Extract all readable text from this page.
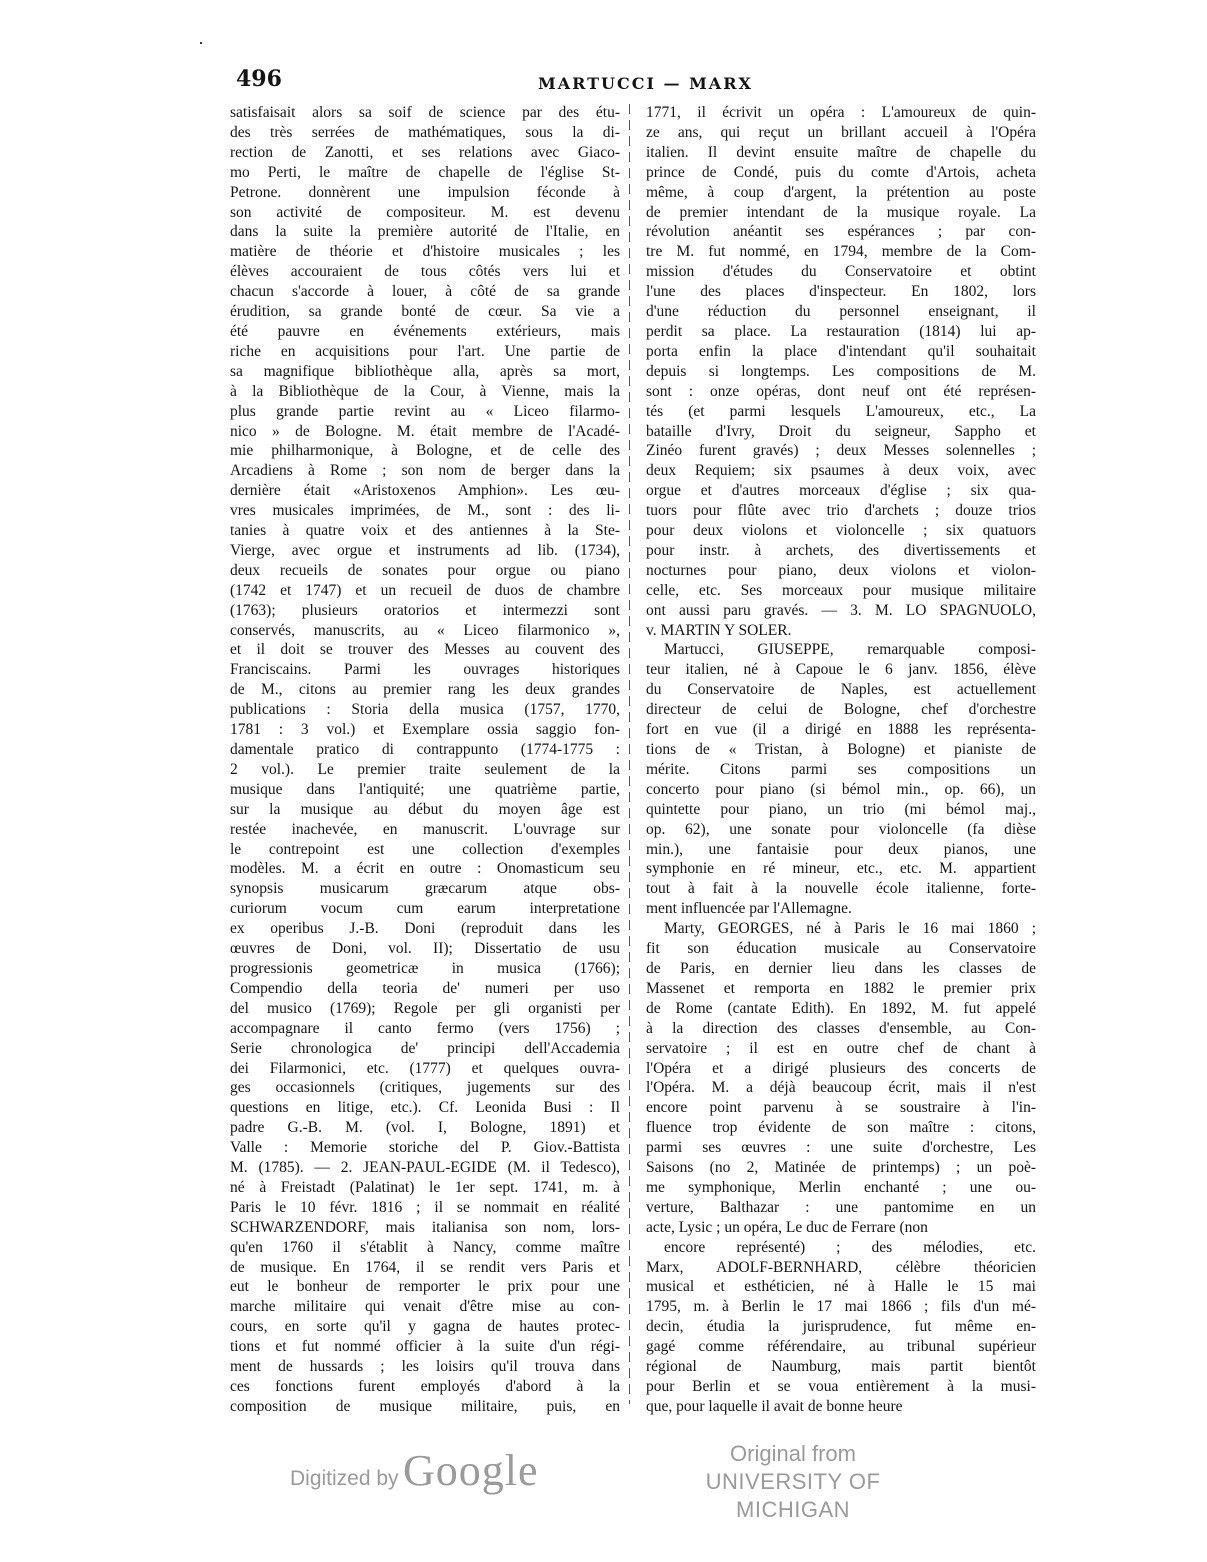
496	MARTUCCI — MARX
satisfaisait alors sa soif de science par des étu-
des très serrées de mathématiques, sous la di-
rection de Zanotti, et ses relations avec Giaco-
mo Perti, le maître de chapelle de l'église St-
Petrone. donnèrent une impulsion féconde à
son activité de compositeur. M. est devenu
dans la suite la première autorité de l'Italie, en
matière de théorie et d'histoire musicales ; les
élèves accouraient de tous côtés vers lui et
chacun s'accorde à louer, à côté de sa grande
érudition, sa grande bonté de cœur. Sa vie a
été pauvre en événements extérieurs, mais
riche en acquisitions pour l'art. Une partie de
sa magnifique bibliothèque alla, après sa mort,
à la Bibliothèque de la Cour, à Vienne, mais la
plus grande partie revint au « Liceo filarmo-
nico » de Bologne. M. était membre de l'Acadé-
mie philharmonique, à Bologne, et de celle des
Arcadiens à Rome ; son nom de berger dans la
dernière était «Aristoxenos Amphion». Les œu-
vres musicales imprimées, de M., sont : des li-
tanies à quatre voix et des antiennes à la Ste-
Vierge, avec orgue et instruments ad lib. (1734),
deux recueils de sonates pour orgue ou piano
(1742 et 1747) et un recueil de duos de chambre
(1763); plusieurs oratorios et intermezzi sont
conservés, manuscrits, au « Liceo filarmonico »,
et il doit se trouver des Messes au couvent des
Franciscains. Parmi les ouvrages historiques
de M., citons au premier rang les deux grandes
publications : Storia della musica (1757, 1770,
1781 : 3 vol.) et Exemplare ossia saggio fon-
damentale pratico di contrappunto (1774-1775 :
2 vol.). Le premier traite seulement de la
musique dans l'antiquité; une quatrième partie,
sur la musique au début du moyen âge est
restée inachevée, en manuscrit. L'ouvrage sur
le contrepoint est une collection d'exemples
modèles. M. a écrit en outre : Onomasticum seu
synopsis musicarum græcarum atque obs-
curiorum vocum cum earum interpretatione
ex operibus J.-B. Doni (reproduit dans les
œuvres de Doni, vol. II); Dissertatio de usu
progressionis geometricæ in musica (1766);
Compendio della teoria de' numeri per uso
del musico (1769); Regole per gli organisti per
accompagnare il canto fermo (vers 1756) ;
Serie chronologica de' principi dell'Accademia
dei Filarmonici, etc. (1777) et quelques ouvra-
ges occasionnels (critiques, jugements sur des
questions en litige, etc.). Cf. Leonida Busi : Il
padre G.-B. M. (vol. I, Bologne, 1891) et
Valle : Memorie storiche del P. Giov.-Battista
M. (1785). — 2. JEAN-PAUL-EGIDE (M. il Tedesco),
né à Freistadt (Palatinat) le 1er sept. 1741, m. à
Paris le 10 févr. 1816 ; il se nommait en réalité
SCHWARZENDORF, mais italianisa son nom, lors-
qu'en 1760 il s'établit à Nancy, comme maître
de musique. En 1764, il se rendit vers Paris et
eut le bonheur de remporter le prix pour une
marche militaire qui venait d'être mise au con-
cours, en sorte qu'il y gagna de hautes protec-
tions et fut nommé officier à la suite d'un régi-
ment de hussards ; les loisirs qu'il trouva dans
ces fonctions furent employés d'abord à la
composition de musique militaire, puis, en
1771, il écrivit un opéra : L'amoureux de quin-
ze ans, qui reçut un brillant accueil à l'Opéra
italien. Il devint ensuite maître de chapelle du
prince de Condé, puis du comte d'Artois, acheta
même, à coup d'argent, la prétention au poste
de premier intendant de la musique royale. La
révolution anéantit ses espérances ; par con-
tre M. fut nommé, en 1794, membre de la Com-
mission d'études du Conservatoire et obtint
l'une des places d'inspecteur. En 1802, lors
d'une réduction du personnel enseignant, il
perdit sa place. La restauration (1814) lui ap-
porta enfin la place d'intendant qu'il souhaitait
depuis si longtemps. Les compositions de M.
sont : onze opéras, dont neuf ont été représen-
tés (et parmi lesquels L'amoureux, etc., La
bataille d'Ivry, Droit du seigneur, Sappho et
Zinéo furent gravés) ; deux Messes solennelles ;
deux Requiem; six psaumes à deux voix, avec
orgue et d'autres morceaux d'église ; six qua-
tuors pour flûte avec trio d'archets ; douze trios
pour deux violons et violoncelle ; six quatuors
pour instr. à archets, des divertissements et
nocturnes pour piano, deux violons et violon-
celle, etc. Ses morceaux pour musique militaire
ont aussi paru gravés. — 3. M. LO SPAGNUOLO,
v. MARTIN Y SOLER.
Martucci, GIUSEPPE, remarquable composi-
teur italien, né à Capoue le 6 janv. 1856, élève
du Conservatoire de Naples, est actuellement
directeur de celui de Bologne, chef d'orchestre
fort en vue (il a dirigé en 1888 les représenta-
tions de « Tristan, à Bologne) et pianiste de
mérite. Citons parmi ses compositions un
concerto pour piano (si bémol min., op. 66), un
quintette pour piano, un trio (mi bémol maj.,
op. 62), une sonate pour violoncelle (fa dièse
min.), une fantaisie pour deux pianos, une
symphonie en ré mineur, etc., etc. M. appartient
tout à fait à la nouvelle école italienne, forte-
ment influencée par l'Allemagne.
Marty, GEORGES, né à Paris le 16 mai 1860 ;
fit son éducation musicale au Conservatoire
de Paris, en dernier lieu dans les classes de
Massenet et remporta en 1882 le premier prix
de Rome (cantate Edith). En 1892, M. fut appelé
à la direction des classes d'ensemble, au Con-
servatoire ; il est en outre chef de chant à
l'Opéra et a dirigé plusieurs des concerts de
l'Opéra. M. a déjà beaucoup écrit, mais il n'est
encore point parvenu à se soustraire à l'in-
fluence trop évidente de son maître : citons,
parmi ses œuvres : une suite d'orchestre, Les
Saisons (no 2, Matinée de printemps) ; un poè-
me symphonique, Merlin enchanté ; une ou-
verture, Balthazar : une pantomime en un
acte, Lysic ; un opéra, Le duc de Ferrare (non
encore représenté) ; des mélodies, etc.
Marx, ADOLF-BERNHARD, célèbre théoricien
musical et esthéticien, né à Halle le 15 mai
1795, m. à Berlin le 17 mai 1866 ; fils d'un mé-
decin, étudia la jurisprudence, fut même en-
gagé comme référendaire, au tribunal supérieur
régional de Naumburg, mais partit bientôt
pour Berlin et se voua entièrement à la musi-
que, pour laquelle il avait de bonne heure
Digitized by Google	Original from
UNIVERSITY OF MICHIGAN
